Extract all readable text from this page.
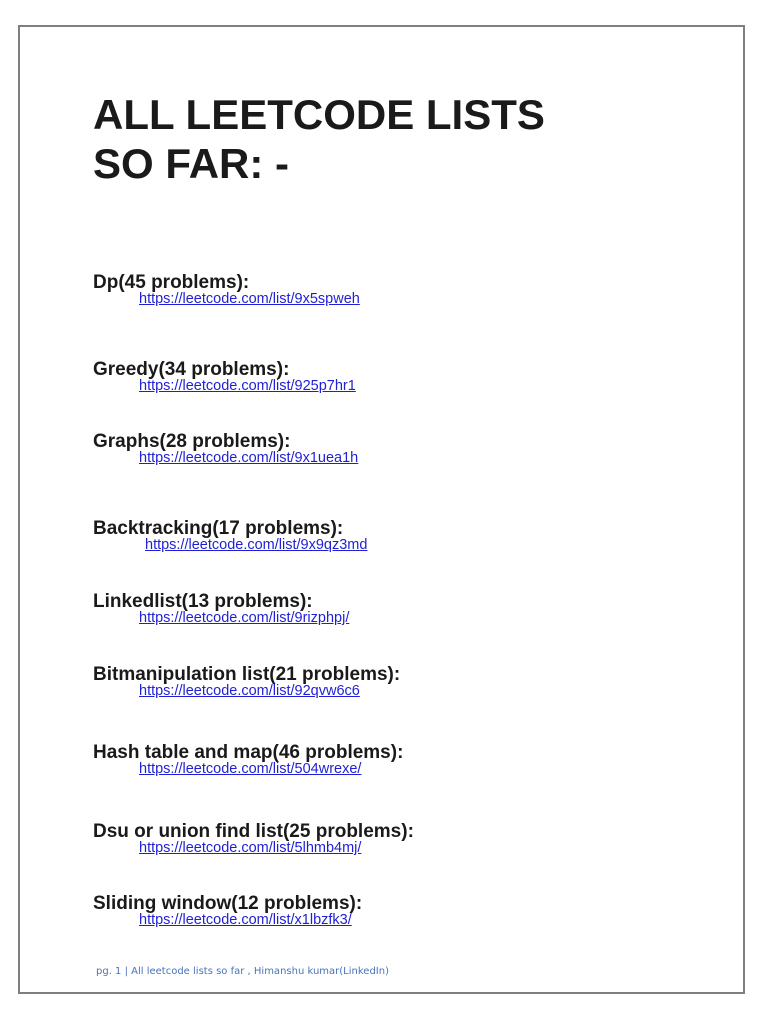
ALL LEETCODE LISTS
SO FAR: -

Dp(45 problems):

https://leetcode.com/list/9x5spweh

Greedy(34 problems):

https://leetcode.com/list/925p7hr1

Graphs(28 problems):

https://leetcode.com/list/9x1uea1h

Backtracking(17 problems):

https://leetcode.com/list/9x9qz3md

Linkedlist(13 problems):

https://leetcode.com/list/9rizphpj/

Bitmanipulation list(21 problems):

https://leetcode.com/list/92qvw6c6

Hash table and map(46 problems):

https://leetcode.com/list/504wrexe/

Dsu or union find list(25 problems):

https://leetcode.com/list/5lhmb4mj/

Sliding window(12 problems):

https://leetcode.com/list/x1lbzfk3/
pg. 1 | All leetcode lists so far , Himanshu kumar(LinkedIn)
